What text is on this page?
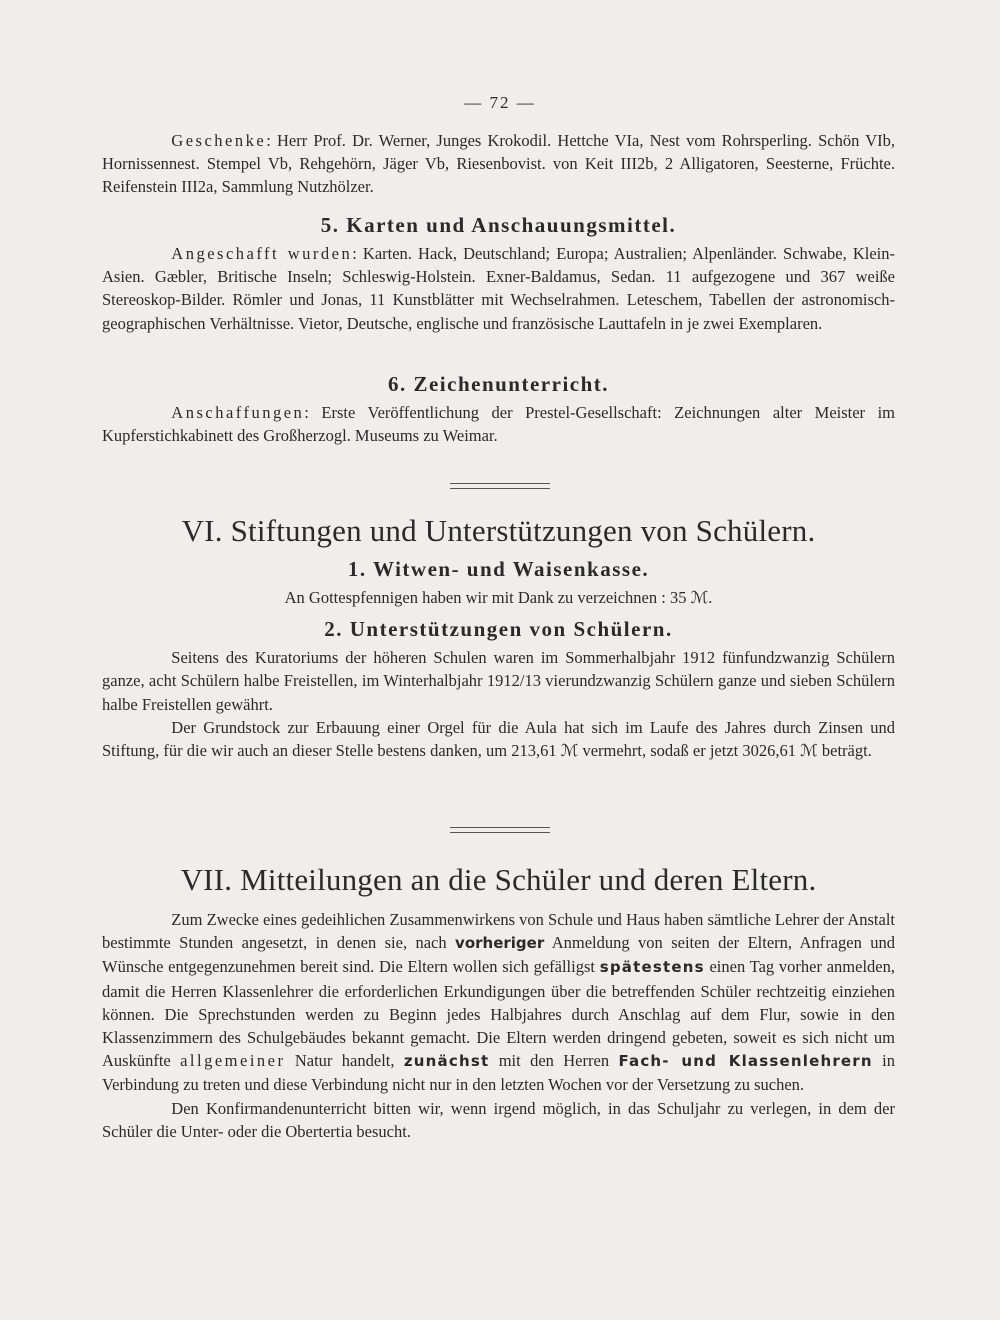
— 72 —

Geschenke: Herr Prof. Dr. Werner, Junges Krokodil. Hettche VIa, Nest vom Rohrsperling. Schön VIb, Hornissennest. Stempel Vb, Rehgehörn, Jäger Vb, Riesenbovist. von Keit III2b, 2 Alligatoren, Seesterne, Früchte. Reifenstein III2a, Sammlung Nutzhölzer.

5. Karten und Anschauungsmittel.

Angeschafft wurden: Karten. Hack, Deutschland; Europa; Australien; Alpenländer. Schwabe, Klein-Asien. Gæbler, Britische Inseln; Schleswig-Holstein. Exner-Baldamus, Sedan. 11 aufgezogene und 367 weiße Stereoskop-Bilder. Römler und Jonas, 11 Kunstblätter mit Wechselrahmen. Leteschem, Tabellen der astronomisch-geographischen Verhältnisse. Vietor, Deutsche, englische und französische Lauttafeln in je zwei Exemplaren.

6. Zeichenunterricht.

Anschaffungen: Erste Veröffentlichung der Prestel-Gesellschaft: Zeichnungen alter Meister im Kupferstichkabinett des Großherzogl. Museums zu Weimar.

VI. Stiftungen und Unterstützungen von Schülern.
1. Witwen- und Waisenkasse.

An Gottespfennigen haben wir mit Dank zu verzeichnen : 35 ℳ.

2. Unterstützungen von Schülern.

Seitens des Kuratoriums der höheren Schulen waren im Sommerhalbjahr 1912 fünfundzwanzig Schülern ganze, acht Schülern halbe Freistellen, im Winterhalbjahr 1912/13 vierundzwanzig Schülern ganze und sieben Schülern halbe Freistellen gewährt.

Der Grundstock zur Erbauung einer Orgel für die Aula hat sich im Laufe des Jahres durch Zinsen und Stiftung, für die wir auch an dieser Stelle bestens danken, um 213,61 ℳ vermehrt, sodaß er jetzt 3026,61 ℳ beträgt.

VII. Mitteilungen an die Schüler und deren Eltern.

Zum Zwecke eines gedeihlichen Zusammenwirkens von Schule und Haus haben sämtliche Lehrer der Anstalt bestimmte Stunden angesetzt, in denen sie, nach vorheriger Anmeldung von seiten der Eltern, Anfragen und Wünsche entgegenzunehmen bereit sind. Die Eltern wollen sich gefälligst spätestens einen Tag vorher anmelden, damit die Herren Klassenlehrer die erforderlichen Erkundigungen über die betreffenden Schüler rechtzeitig einziehen können. Die Sprechstunden werden zu Beginn jedes Halbjahres durch Anschlag auf dem Flur, sowie in den Klassenzimmern des Schulgebäudes bekannt gemacht. Die Eltern werden dringend gebeten, soweit es sich nicht um Auskünfte allgemeiner Natur handelt, zunächst mit den Herren Fach- und Klassenlehrern in Verbindung zu treten und diese Verbindung nicht nur in den letzten Wochen vor der Versetzung zu suchen.

Den Konfirmandenunterricht bitten wir, wenn irgend möglich, in das Schuljahr zu verlegen, in dem der Schüler die Unter- oder die Obertertia besucht.
